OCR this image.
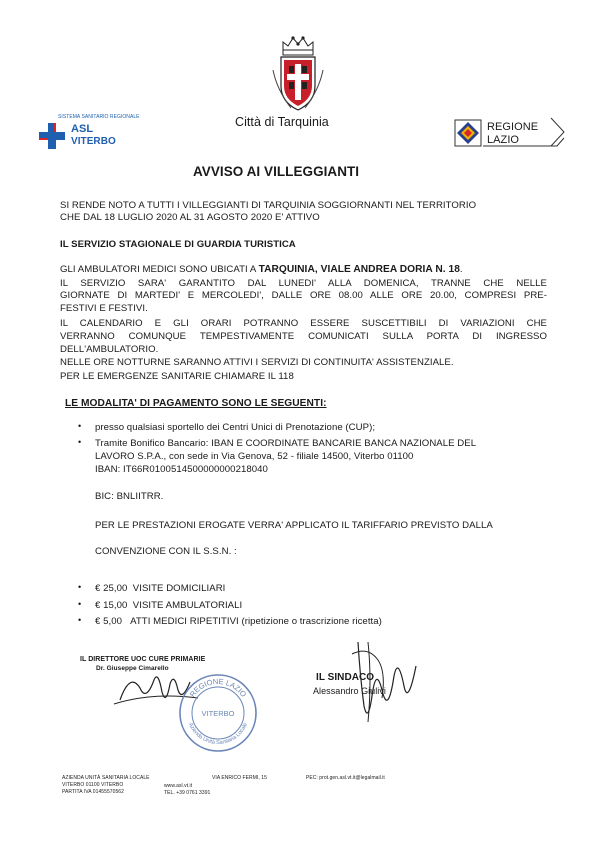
Città di Tarquinia
SISTEMA SANITARIO REGIONALE
ASL
VITERBO
REGIONE
LAZIO
AVVISO AI VILLEGGIANTI
SI RENDE NOTO A TUTTI I VILLEGGIANTI DI TARQUINIA SOGGIORNANTI NEL TERRITORIO
CHE DAL 18 LUGLIO 2020 AL 31 AGOSTO 2020 E' ATTIVO
IL SERVIZIO STAGIONALE DI GUARDIA TURISTICA
GLI AMBULATORI MEDICI SONO UBICATI A TARQUINIA, VIALE ANDREA DORIA N. 18.
IL SERVIZIO SARA' GARANTITO DAL LUNEDI' ALLA DOMENICA, TRANNE CHE NELLE
GIORNATE DI MARTEDI' E MERCOLEDI', DALLE ORE 08.00 ALLE ORE 20.00, COMPRESI PRE-
FESTIVI E FESTIVI.
IL CALENDARIO E GLI ORARI POTRANNO ESSERE SUSCETTIBILI DI VARIAZIONI CHE
VERRANNO COMUNQUE TEMPESTIVAMENTE COMUNICATI SULLA PORTA DI INGRESSO
DELL'AMBULATORIO.
NELLE ORE NOTTURNE SARANNO ATTIVI I SERVIZI DI CONTINUITA' ASSISTENZIALE.
PER LE EMERGENZE SANITARIE CHIAMARE IL 118
LE MODALITA' DI PAGAMENTO SONO LE SEGUENTI:
• presso qualsiasi sportello dei Centri Unici di Prenotazione (CUP);
• Tramite Bonifico Bancario: IBAN E COORDINATE BANCARIE BANCA NAZIONALE DEL
LAVORO S.P.A., con sede in Via Genova, 52 - filiale 14500, Viterbo 01100
IBAN: IT66R0100514500000000218040
BIC: BNLIITRR.
PER LE PRESTAZIONI EROGATE VERRA' APPLICATO IL TARIFFARIO PREVISTO DALLA
CONVENZIONE CON IL S.S.N. :
• € 25,00 VISITE DOMICILIARI
• € 15,00 VISITE AMBULATORIALI
• € 5,00 ATTI MEDICI RIPETITIVI (ripetizione o trascrizione ricetta)
IL DIRETTORE UOC CURE PRIMARIE
Dr. Giuseppe Cimarello
REGIONE LAZIO
Azienda Unità Sanitaria Locale
VITERBO
IL SINDACO
Alessandro Giulivi
AZIENDA UNITÀ SANITARIA LOCALE
VITERBO 01100 VITERBO
PARTITA IVA 01455570562
VIA ENRICO FERMI, 15
www.asl.vt.it
TEL. +39 0761 3391
PEC: prot.gen.asl.vt.it@legalmail.it
